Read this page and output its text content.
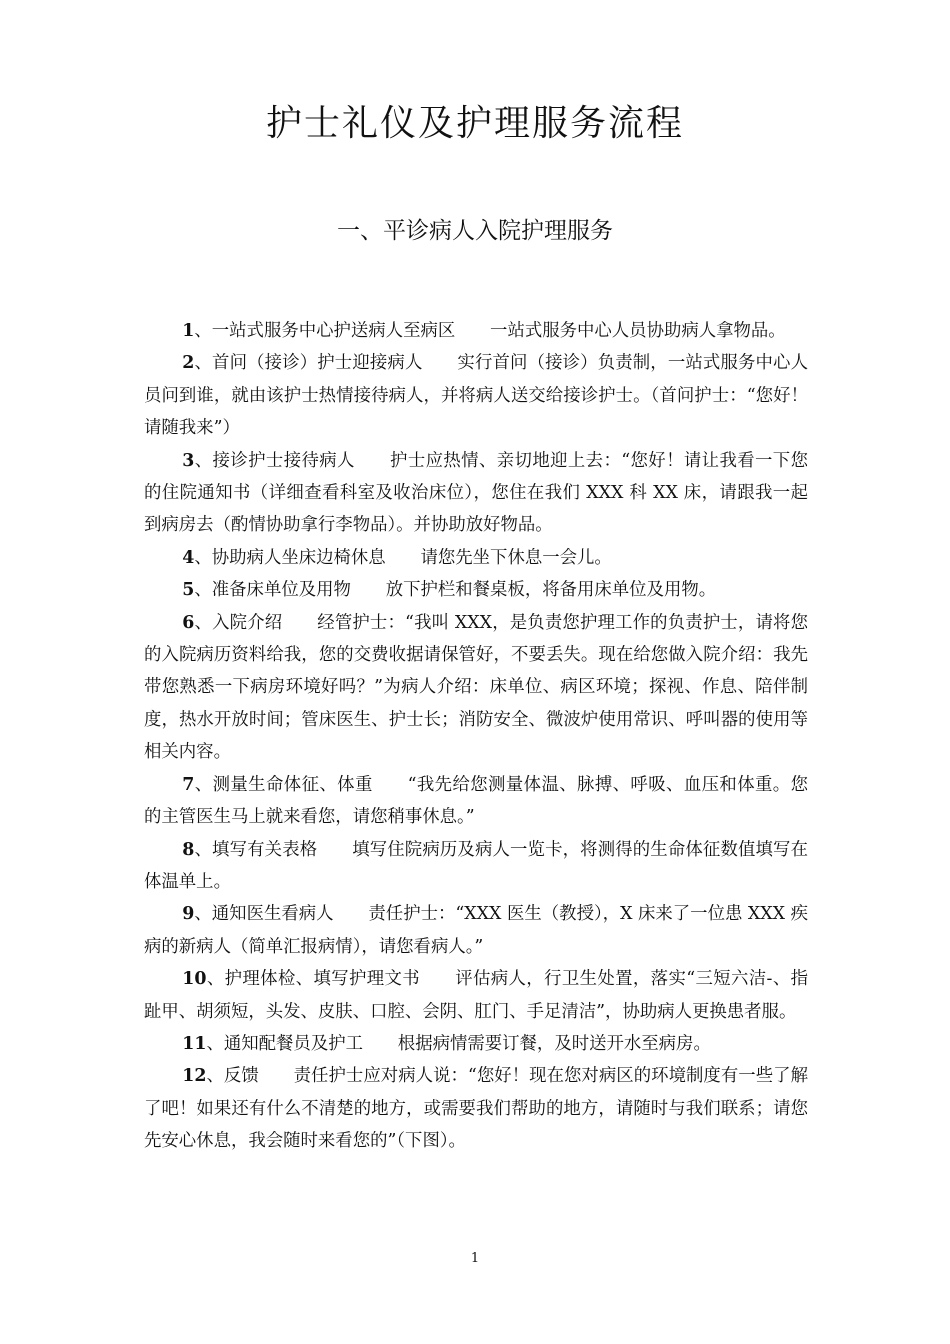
护士礼仪及护理服务流程
一、平诊病人入院护理服务

1、一站式服务中心护送病人至病区 一站式服务中心人员协助病人拿物品。

2、首问（接诊）护士迎接病人 实行首问（接诊）负责制，一站式服务中心人员问到谁，就由该护士热情接待病人，并将病人送交给接诊护士。（首问护士：“您好！请随我来”）

3、接诊护士接待病人 护士应热情、亲切地迎上去：“您好！请让我看一下您的住院通知书（详细查看科室及收治床位），您住在我们 XXX 科 XX 床，请跟我一起到病房去（酌情协助拿行李物品）。并协助放好物品。

4、协助病人坐床边椅休息 请您先坐下休息一会儿。

5、准备床单位及用物 放下护栏和餐桌板，将备用床单位及用物。

6、入院介绍 经管护士：“我叫 XXX，是负责您护理工作的负责护士，请将您的入院病历资料给我，您的交费收据请保管好，不要丢失。现在给您做入院介绍：我先带您熟悉一下病房环境好吗？”为病人介绍：床单位、病区环境；探视、作息、陪伴制度，热水开放时间；管床医生、护士长；消防安全、微波炉使用常识、呼叫器的使用等相关内容。

7、测量生命体征、体重 “我先给您测量体温、脉搏、呼吸、血压和体重。您的主管医生马上就来看您，请您稍事休息。”

8、填写有关表格 填写住院病历及病人一览卡，将测得的生命体征数值填写在体温单上。

9、通知医生看病人 责任护士：“XXX 医生（教授），X 床来了一位患 XXX 疾病的新病人（简单汇报病情），请您看病人。”

10、护理体检、填写护理文书 评估病人，行卫生处置，落实“三短六洁-、指趾甲、胡须短，头发、皮肤、口腔、会阴、肛门、手足清洁”，协助病人更换患者服。

11、通知配餐员及护工 根据病情需要订餐，及时送开水至病房。

12、反馈 责任护士应对病人说：“您好！现在您对病区的环境制度有一些了解了吧！如果还有什么不清楚的地方，或需要我们帮助的地方，请随时与我们联系；请您先安心休息，我会随时来看您的”（下图）。

1
